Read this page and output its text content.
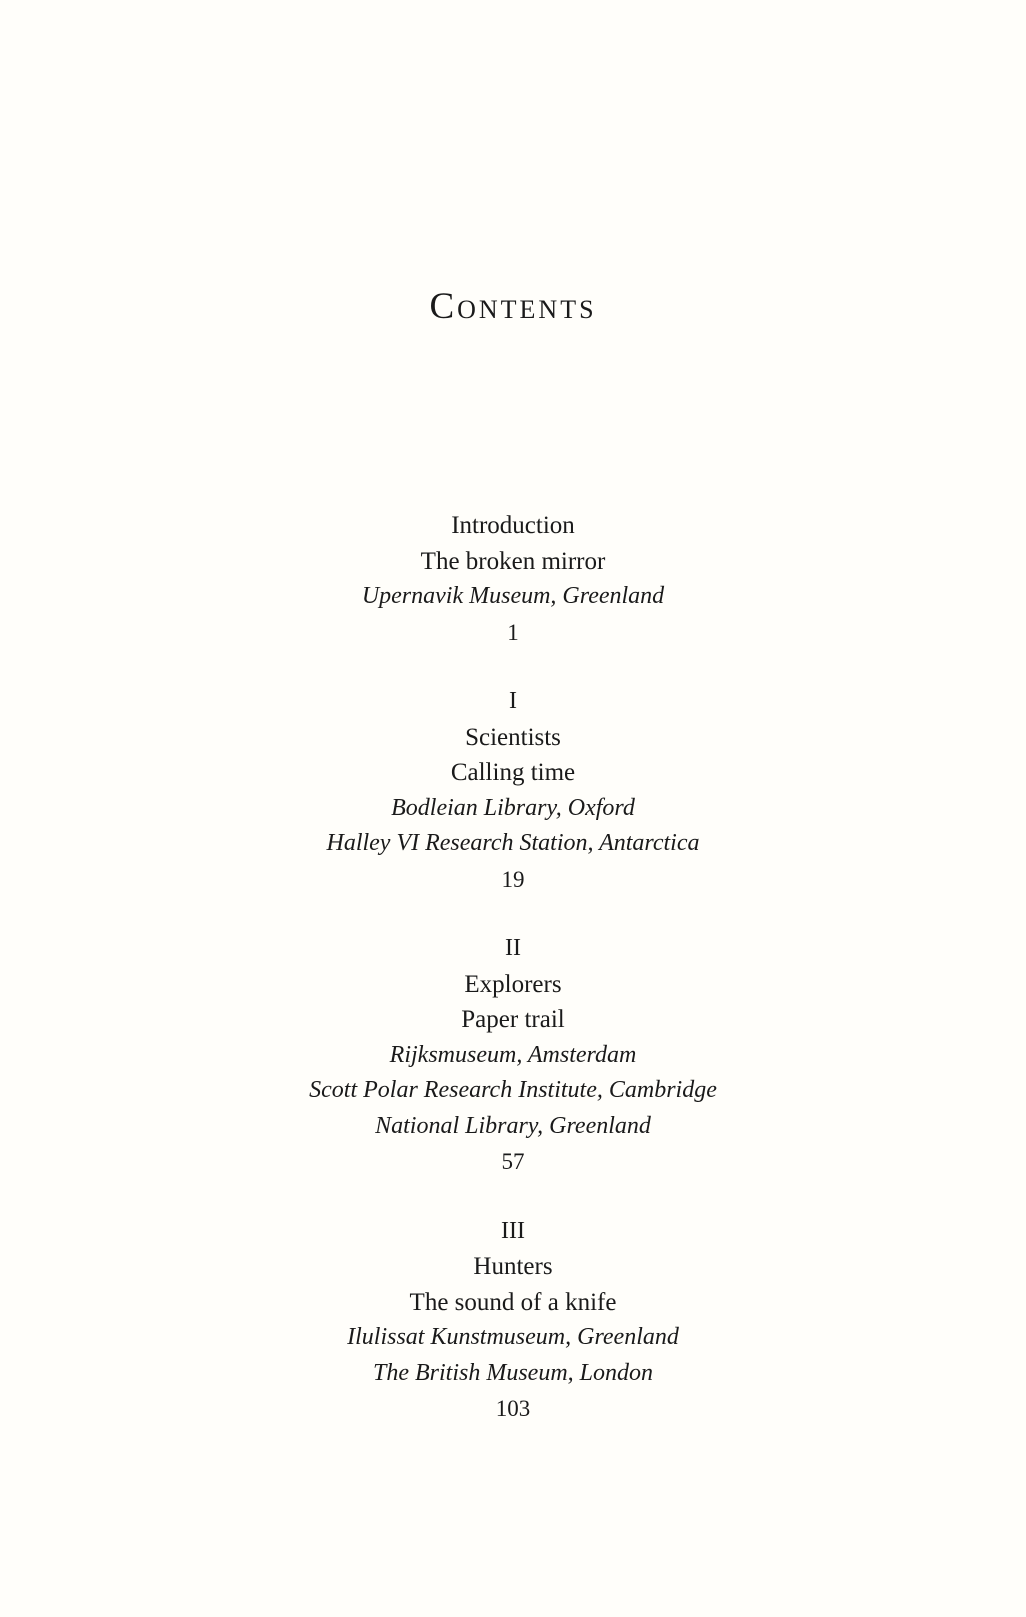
Contents
Introduction
The broken mirror
Upernavik Museum, Greenland
1
I
Scientists
Calling time
Bodleian Library, Oxford
Halley VI Research Station, Antarctica
19
II
Explorers
Paper trail
Rijksmuseum, Amsterdam
Scott Polar Research Institute, Cambridge
National Library, Greenland
57
III
Hunters
The sound of a knife
Ilulissat Kunstmuseum, Greenland
The British Museum, London
103
